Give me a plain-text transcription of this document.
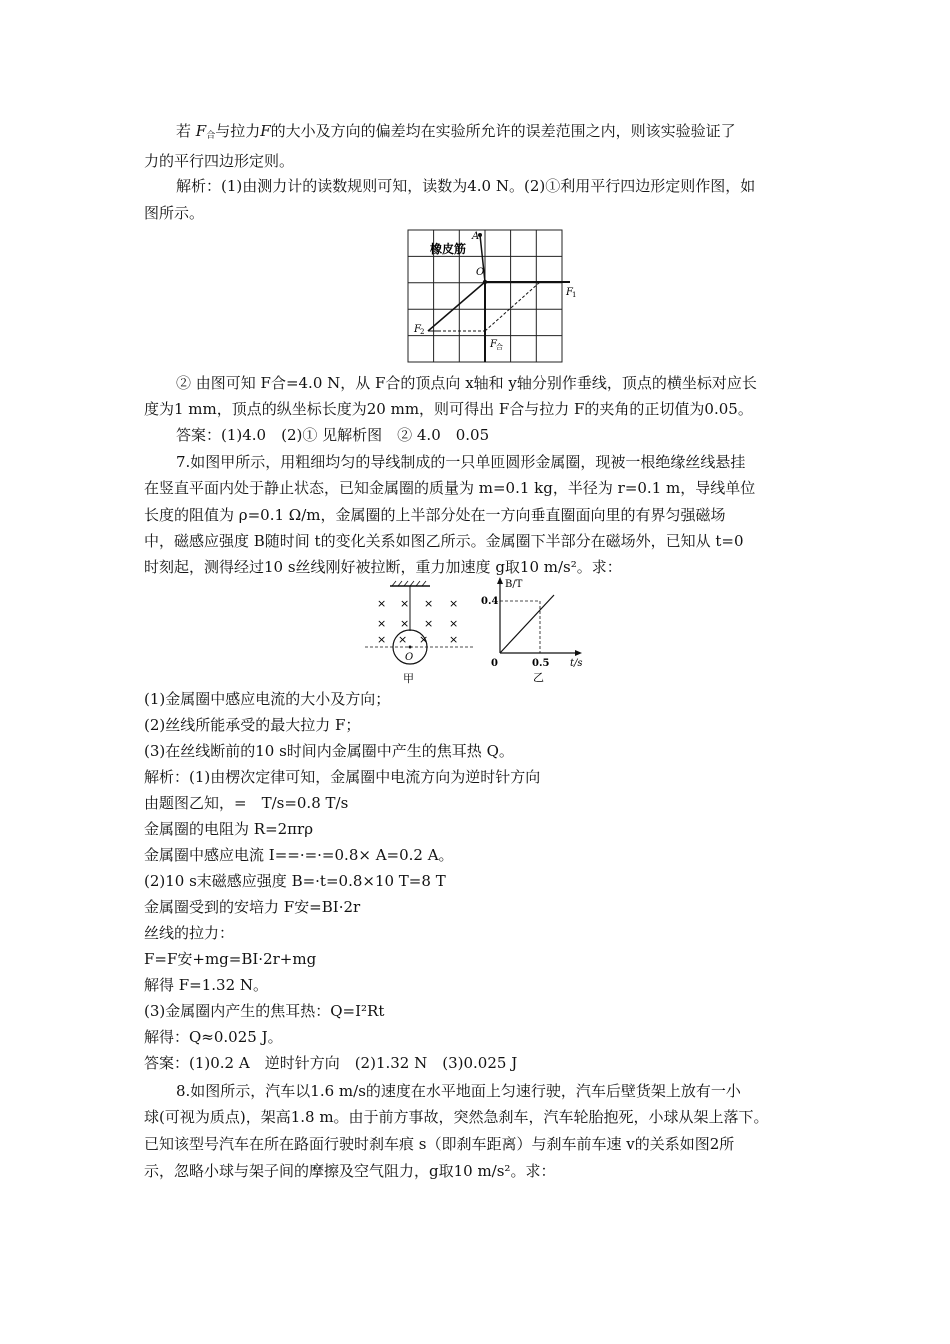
若 $F_合$与拉力F的大小及方向的偏差均在实验所允许的误差范围之内，则该实验验证了
力的平行四边形定则。
解析：(1)由测力计的读数规则可知，读数为4.0 N。(2)①利用平行四边形定则作图，如
图所示。
橡皮筋
A
O
F 1
F 2
F 合
② 由图可知 F合=4.0 N，从 F合的顶点向 x轴和 y轴分别作垂线，顶点的横坐标对应长
度为1 mm，顶点的纵坐标长度为20 mm，则可得出 F合与拉力 F的夹角的正切值为0.05。
答案：(1)4.0　(2)① 见解析图　② 4.0　0.05
7.如图甲所示，用粗细均匀的导线制成的一只单匝圆形金属圈，现被一根绝缘丝线悬挂
在竖直平面内处于静止状态，已知金属圈的质量为 m=0.1 kg，半径为 r=0.1 m，导线单位
长度的阻值为 ρ=0.1 Ω/m，金属圈的上半部分处在一方向垂直圈面向里的有界匀强磁场
中，磁感应强度 B随时间 t的变化关系如图乙所示。金属圈下半部分在磁场外，已知从 t=0
时刻起，测得经过10 s丝线刚好被拉断，重力加速度 g取10 m/s²。求：
× × × ×
× × × ×
× × × ×
O
甲
B/T
0.4
0	0.5 t/s
乙
(1)金属圈中感应电流的大小及方向；
(2)丝线所能承受的最大拉力 F；
(3)在丝线断前的10 s时间内金属圈中产生的焦耳热 Q。
解析：(1)由楞次定律可知，金属圈中电流方向为逆时针方向
由题图乙知，=　T/s=0.8 T/s
金属圈的电阻为 R=2πrρ
金属圈中感应电流 I==·=·=0.8× A=0.2 A。
(2)10 s末磁感应强度 B=·t=0.8×10 T=8 T
金属圈受到的安培力 F安=BI·2r
丝线的拉力：
F=F安+mg=BI·2r+mg
解得 F=1.32 N。
(3)金属圈内产生的焦耳热：Q=I²Rt
解得：Q≈0.025 J。
答案：(1)0.2 A　逆时针方向　(2)1.32 N　(3)0.025 J
8.如图所示，汽车以1.6 m/s的速度在水平地面上匀速行驶，汽车后壁货架上放有一小
球(可视为质点)，架高1.8 m。由于前方事故，突然急刹车，汽车轮胎抱死，小球从架上落下。
已知该型号汽车在所在路面行驶时刹车痕 s（即刹车距离）与刹车前车速 v的关系如图2所
示，忽略小球与架子间的摩擦及空气阻力，g取10 m/s²。求：
